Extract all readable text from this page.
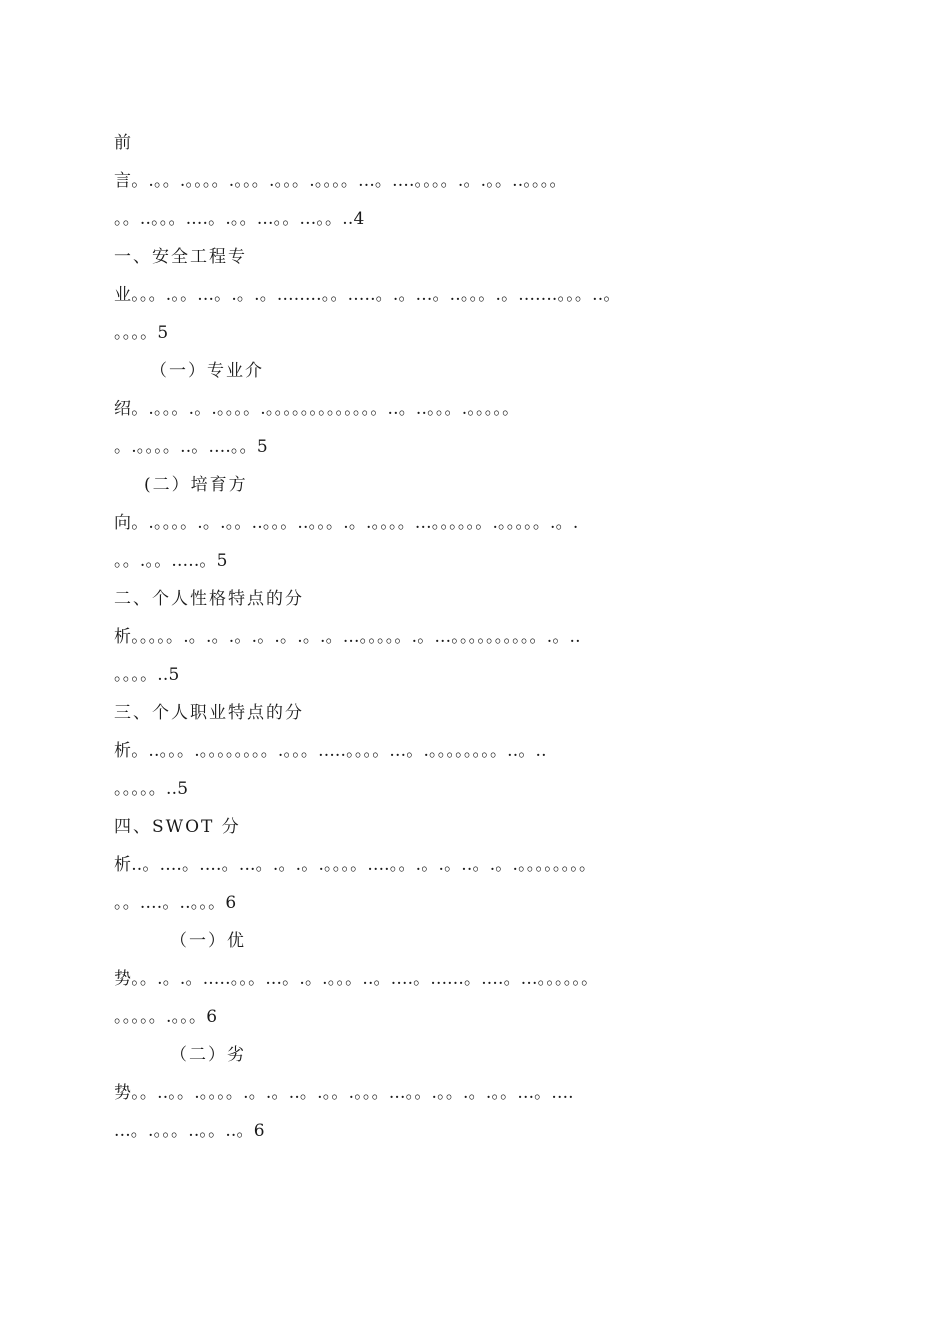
前
言。.。。.。。。。.。。。.。。。.。。。。...。....。。。。.。.。。..。。。。
。。..。。。....。.。。...。。...。。..4
一、安全工程专
业。。。.。。...。.。.。........。。.....。.。...。..。。。.。.......。。。..。
。。。。5
（一）专业介
绍。.。。。.。.。。。。.。。。。。。。。。。。。。..。..。。。.。。。。。
。.。。。。..。....。。5
(二）培育方
向。.。。。。.。.。。..。。。..。。。.。.。。。。...。。。。。。.。。。。。.。.
。。.。。.....。5
二、个人性格特点的分
析。。。。。.。.。.。.。.。.。.。...。。。。。.。...。。。。。。。。。。.。..
。。。。..5
三、个人职业特点的分
析。..。。。.。。。。。。。。.。。。.....。。。。...。.。。。。。。。。..。..
。。。。。..5
四、SWOT 分
析..。....。....。...。.。.。.。。。。....。。.。.。..。.。.。。。。。。。。
。。....。..。。。6
（一）优
势。。.。.。.....。。。...。.。.。。。..。....。......。....。...。。。。。。
。。。。。.。。。6
（二）劣
势。。..。。.。。。。.。.。..。.。。.。。。...。。.。。.。.。。...。....
...。.。。。..。。..。6
